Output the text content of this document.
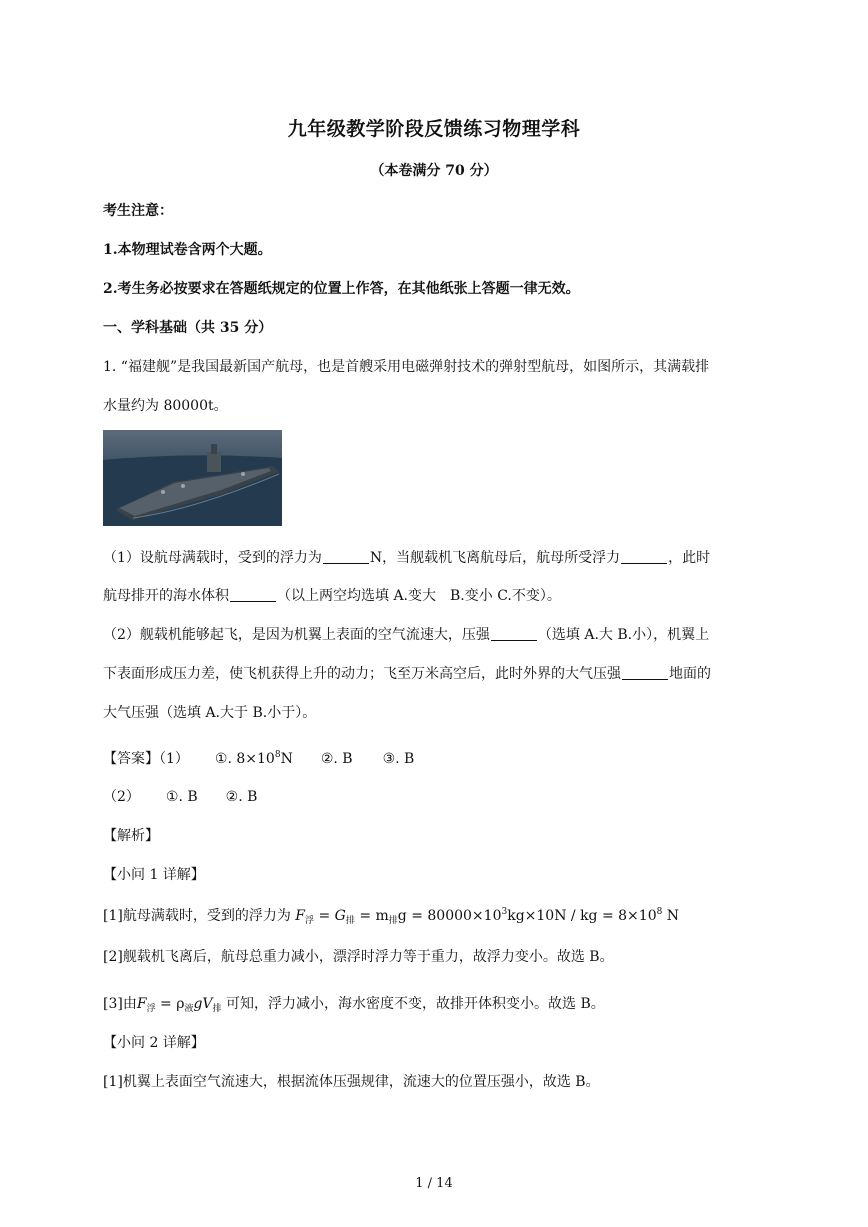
九年级教学阶段反馈练习物理学科
（本卷满分 70 分）
考生注意：
1.本物理试卷含两个大题。
2.考生务必按要求在答题纸规定的位置上作答，在其他纸张上答题一律无效。
一、学科基础（共 35 分）
1. “福建舰”是我国最新国产航母，也是首艘采用电磁弹射技术的弹射型航母，如图所示，其满载排
水量约为 80000t。
（1）设航母满载时，受到的浮力为	N，当舰载机飞离航母后，航母所受浮力	，此时
航母排开的海水体积	（以上两空均选填 A.变大　B.变小 C.不变）。
（2）舰载机能够起飞，是因为机翼上表面的空气流速大，压强	（选填 A.大 B.小），机翼上
下表面形成压力差，使飞机获得上升的动力；飞至万米高空后，此时外界的大气压强	地面的
大气压强（选填 A.大于 B.小于）。
【答案】（1） ①. $8\times 10^8N$ ②. B ③. B
（2） ①. B ②. B
【解析】
【小问 1 详解】
[1]航母满载时，受到的浮力为 $F_浮 = G_排 = m_排g = 80000\times 10^3kg\times 10N$ / kg = $8\times 10^8$ N
[2]舰载机飞离后，航母总重力减小，漂浮时浮力等于重力，故浮力变小。故选 B。
[3]由$F_浮 = \rho_液gV_排$ 可知，浮力减小，海水密度不变，故排开体积变小。故选 B。
【小问 2 详解】
[1]机翼上表面空气流速大，根据流体压强规律，流速大的位置压强小，故选 B。
1 / 14
